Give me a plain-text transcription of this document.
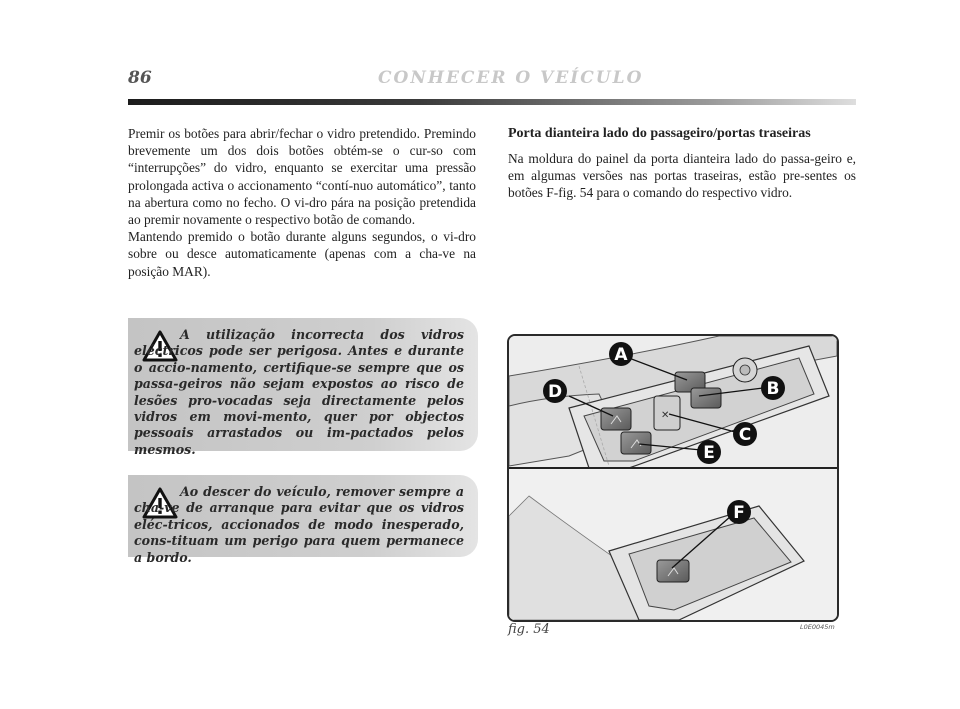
86	CONHECER O VEÍCULO

Premir os botões para abrir/fechar o vidro pretendido. Premindo brevemente um dos dois botões obtém-se o cur-so com “interrupções” do vidro, enquanto se exercitar uma pressão prolongada activa o accionamento “contí-nuo automático”, tanto na abertura como no fecho. O vi-dro pára na posição pretendida ao premir novamente o respectivo botão de comando.

Mantendo premido o botão durante alguns segundos, o vi-dro sobre ou desce automaticamente (apenas com a cha-ve na posição MAR).

A utilização incorrecta dos vidros eléctricos pode ser perigosa. Antes e durante o accio-namento, certifique-se sempre que os passa-geiros não sejam expostos ao risco de lesões pro-vocadas seja directamente pelos vidros em movi-mento, quer por objectos pessoais arrastados ou im-pactados pelos mesmos.
Ao descer do veículo, remover sempre a cha-ve de arranque para evitar que os vidros eléc-tricos, accionados de modo inesperado, cons-tituam um perigo para quem permanece a bordo.
Porta dianteira lado do passageiro/portas traseiras

Na moldura do painel da porta dianteira lado do passa-geiro e, em algumas versões nas portas traseiras, estão pre-sentes os botões F-fig. 54 para o comando do respectivo vidro.

✕
A
D	B
C
E
F
fig. 54	L0E0045m
